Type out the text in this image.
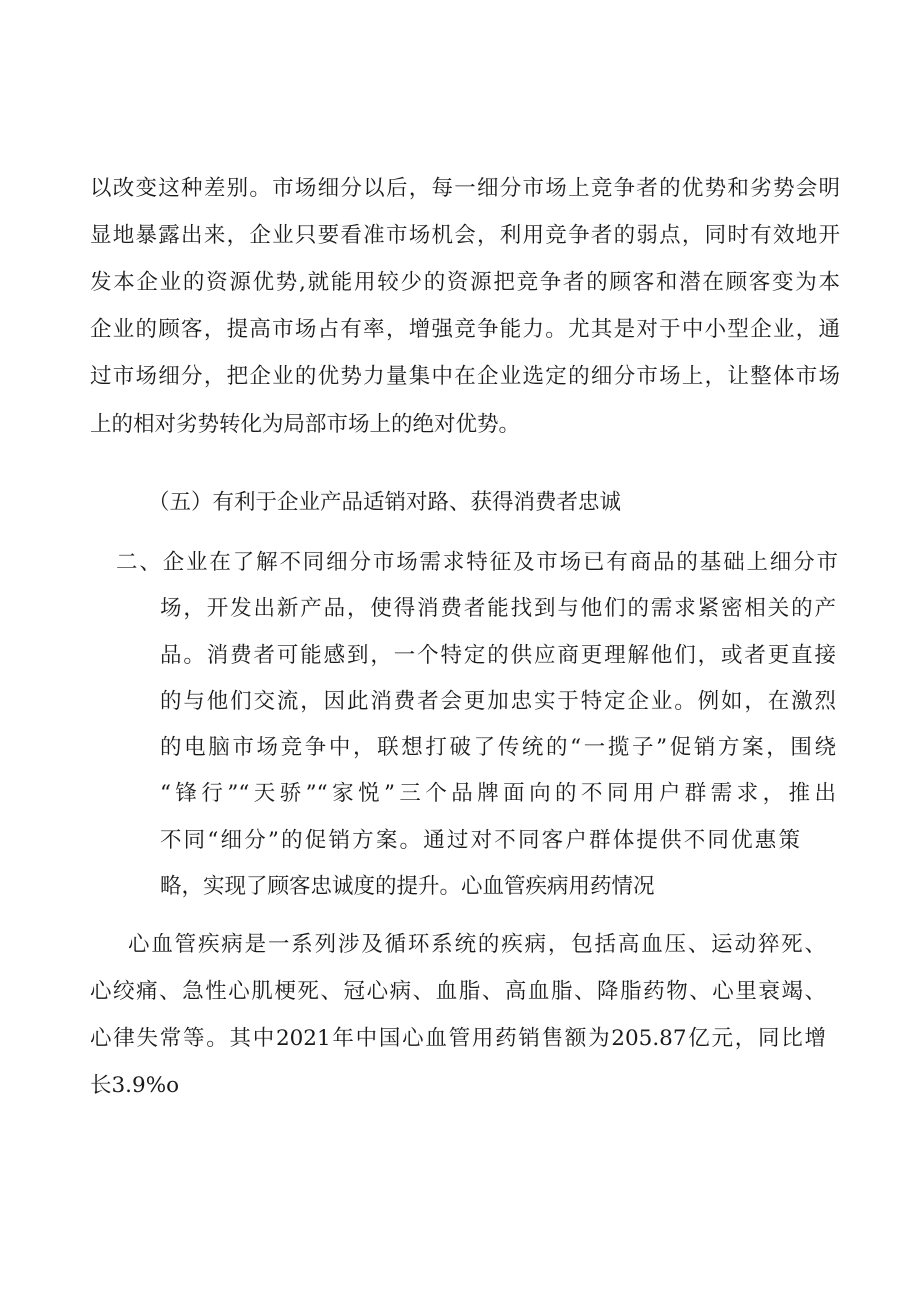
以改变这种差别。市场细分以后，每一细分市场上竞争者的优势和劣势会明
显地暴露出来，企业只要看准市场机会，利用竞争者的弱点，同时有效地开
发本企业的资源优势,就能用较少的资源把竞争者的顾客和潜在顾客变为本
企业的顾客，提高市场占有率，增强竞争能力。尤其是对于中小型企业，通
过市场细分，把企业的优势力量集中在企业选定的细分市场上，让整体市场
上的相对劣势转化为局部市场上的绝对优势。
（五）有利于企业产品适销对路、获得消费者忠诚
二、企业在了解不同细分市场需求特征及市场已有商品的基础上细分市
场，开发出新产品，使得消费者能找到与他们的需求紧密相关的产
品。消费者可能感到，一个特定的供应商更理解他们，或者更直接
的与他们交流，因此消费者会更加忠实于特定企业。例如，在激烈
的电脑市场竞争中，联想打破了传统的“一揽子”促销方案，围绕
“锋行”“天骄”“家悦”三个品牌面向的不同用户群需求，推出
不同“细分”的促销方案。通过对不同客户群体提供不同优惠策
略，实现了顾客忠诚度的提升。心血管疾病用药情况
心血管疾病是一系列涉及循环系统的疾病，包括高血压、运动猝死、
心绞痛、急性心肌梗死、冠心病、血脂、高血脂、降脂药物、心里衰竭、
心律失常等。其中2021年中国心血管用药销售额为205.87亿元，同比增
长3.9%o
